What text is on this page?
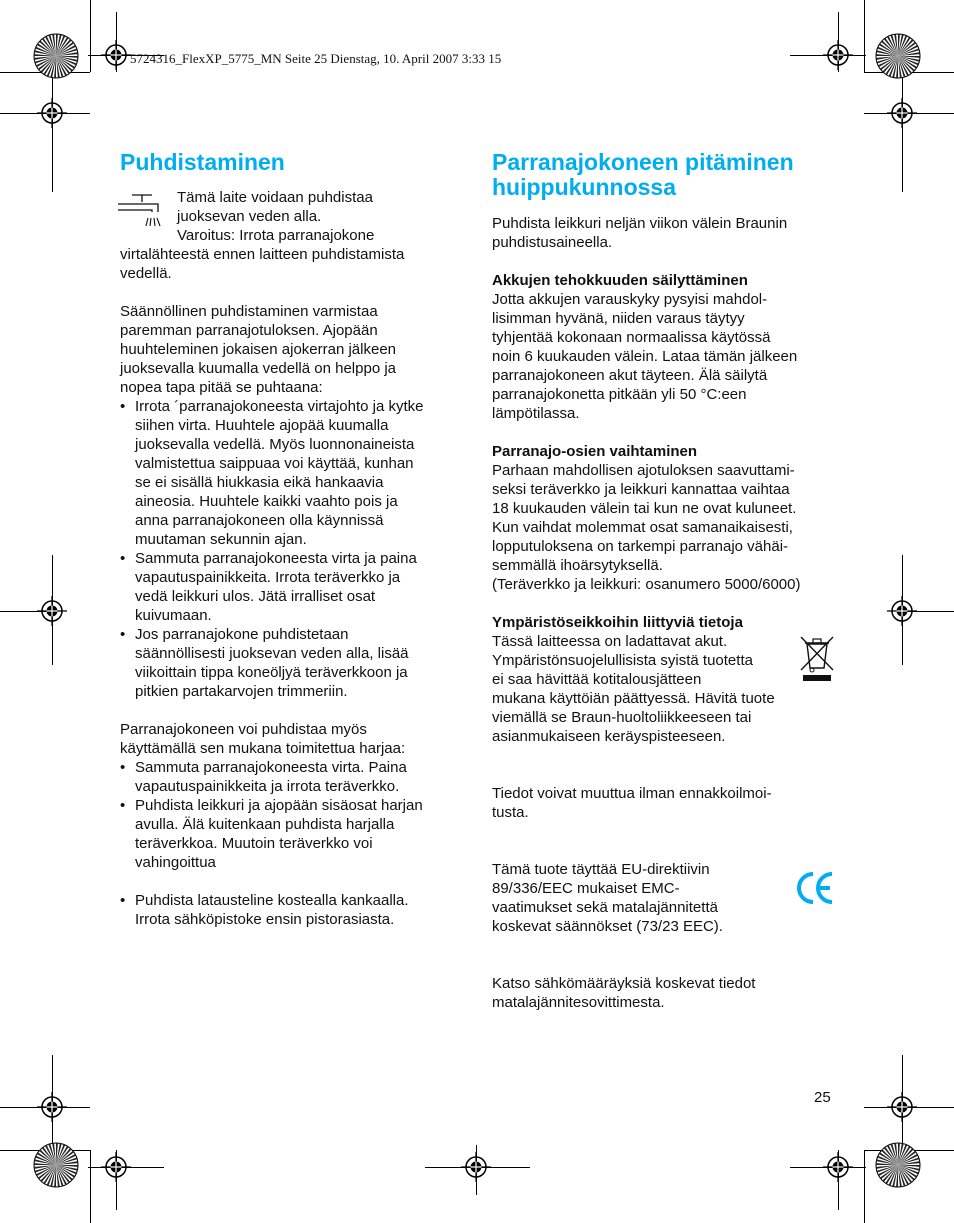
5724316_FlexXP_5775_MN Seite 25 Dienstag, 10. April 2007 3:33 15
Puhdistaminen
Tämä laite voidaan puhdistaa
juoksevan veden alla.
Varoitus: Irrota parranajokone
virtalähteestä ennen laitteen puhdistamista
vedellä.
Säännöllinen puhdistaminen varmistaa
paremman parranajotuloksen. Ajopään
huuhteleminen jokaisen ajokerran jälkeen
juoksevalla kuumalla vedellä on helppo ja
nopea tapa pitää se puhtaana:
• Irrota ´parranajokoneesta virtajohto ja kytke
siihen virta. Huuhtele ajopää kuumalla
juoksevalla vedellä. Myös luonnonaineista
valmistettua saippuaa voi käyttää, kunhan
se ei sisällä hiukkasia eikä hankaavia
aineosia. Huuhtele kaikki vaahto pois ja
anna parranajokoneen olla käynnissä
muutaman sekunnin ajan.
• Sammuta parranajokoneesta virta ja paina
vapautuspainikkeita. Irrota teräverkko ja
vedä leikkuri ulos. Jätä irralliset osat
kuivumaan.
• Jos parranajokone puhdistetaan
säännöllisesti juoksevan veden alla, lisää
viikoittain tippa koneöljyä teräverkkoon ja
pitkien partakarvojen trimmeriin.
Parranajokoneen voi puhdistaa myös
käyttämällä sen mukana toimitettua harjaa:
• Sammuta parranajokoneesta virta. Paina
vapautuspainikkeita ja irrota teräverkko.
• Puhdista leikkuri ja ajopään sisäosat harjan
avulla. Älä kuitenkaan puhdista harjalla
teräverkkoa. Muutoin teräverkko voi
vahingoittua
• Puhdista latausteline kostealla kankaalla.
Irrota sähköpistoke ensin pistorasiasta.
Parranajokoneen pitäminen
huippukunnossa
Puhdista leikkuri neljän viikon välein Braunin
puhdistusaineella.
Akkujen tehokkuuden säilyttäminen
Jotta akkujen varauskyky pysyisi mahdol-
lisimman hyvänä, niiden varaus täytyy
tyhjentää kokonaan normaalissa käytössä
noin 6 kuukauden välein. Lataa tämän jälkeen
parranajokoneen akut täyteen. Älä säilytä
parranajokonetta pitkään yli 50 °C:een
lämpötilassa.
Parranajo-osien vaihtaminen
Parhaan mahdollisen ajotuloksen saavuttami-
seksi teräverkko ja leikkuri kannattaa vaihtaa
18 kuukauden välein tai kun ne ovat kuluneet.
Kun vaihdat molemmat osat samanaikaisesti,
lopputuloksena on tarkempi parranajo vähäi-
semmällä ihoärsytyksellä.
(Teräverkko ja leikkuri: osanumero 5000/6000)
Ympäristöseikkoihin liittyviä tietoja
Tässä laitteessa on ladattavat akut.
Ympäristönsuojelullisista syistä tuotetta
ei saa hävittää kotitalousjätteen
mukana käyttöiän päättyessä. Hävitä tuote
viemällä se Braun-huoltoliikkeeseen tai
asianmukaiseen keräyspisteeseen.
Tiedot voivat muuttua ilman ennakkoilmoi-
tusta.
Tämä tuote täyttää EU-direktiivin
89/336/EEC mukaiset EMC-
vaatimukset sekä matalajännitettä
koskevat säännökset (73/23 EEC).
Katso sähkömääräyksiä koskevat tiedot
matalajännitesovittimesta.
25
